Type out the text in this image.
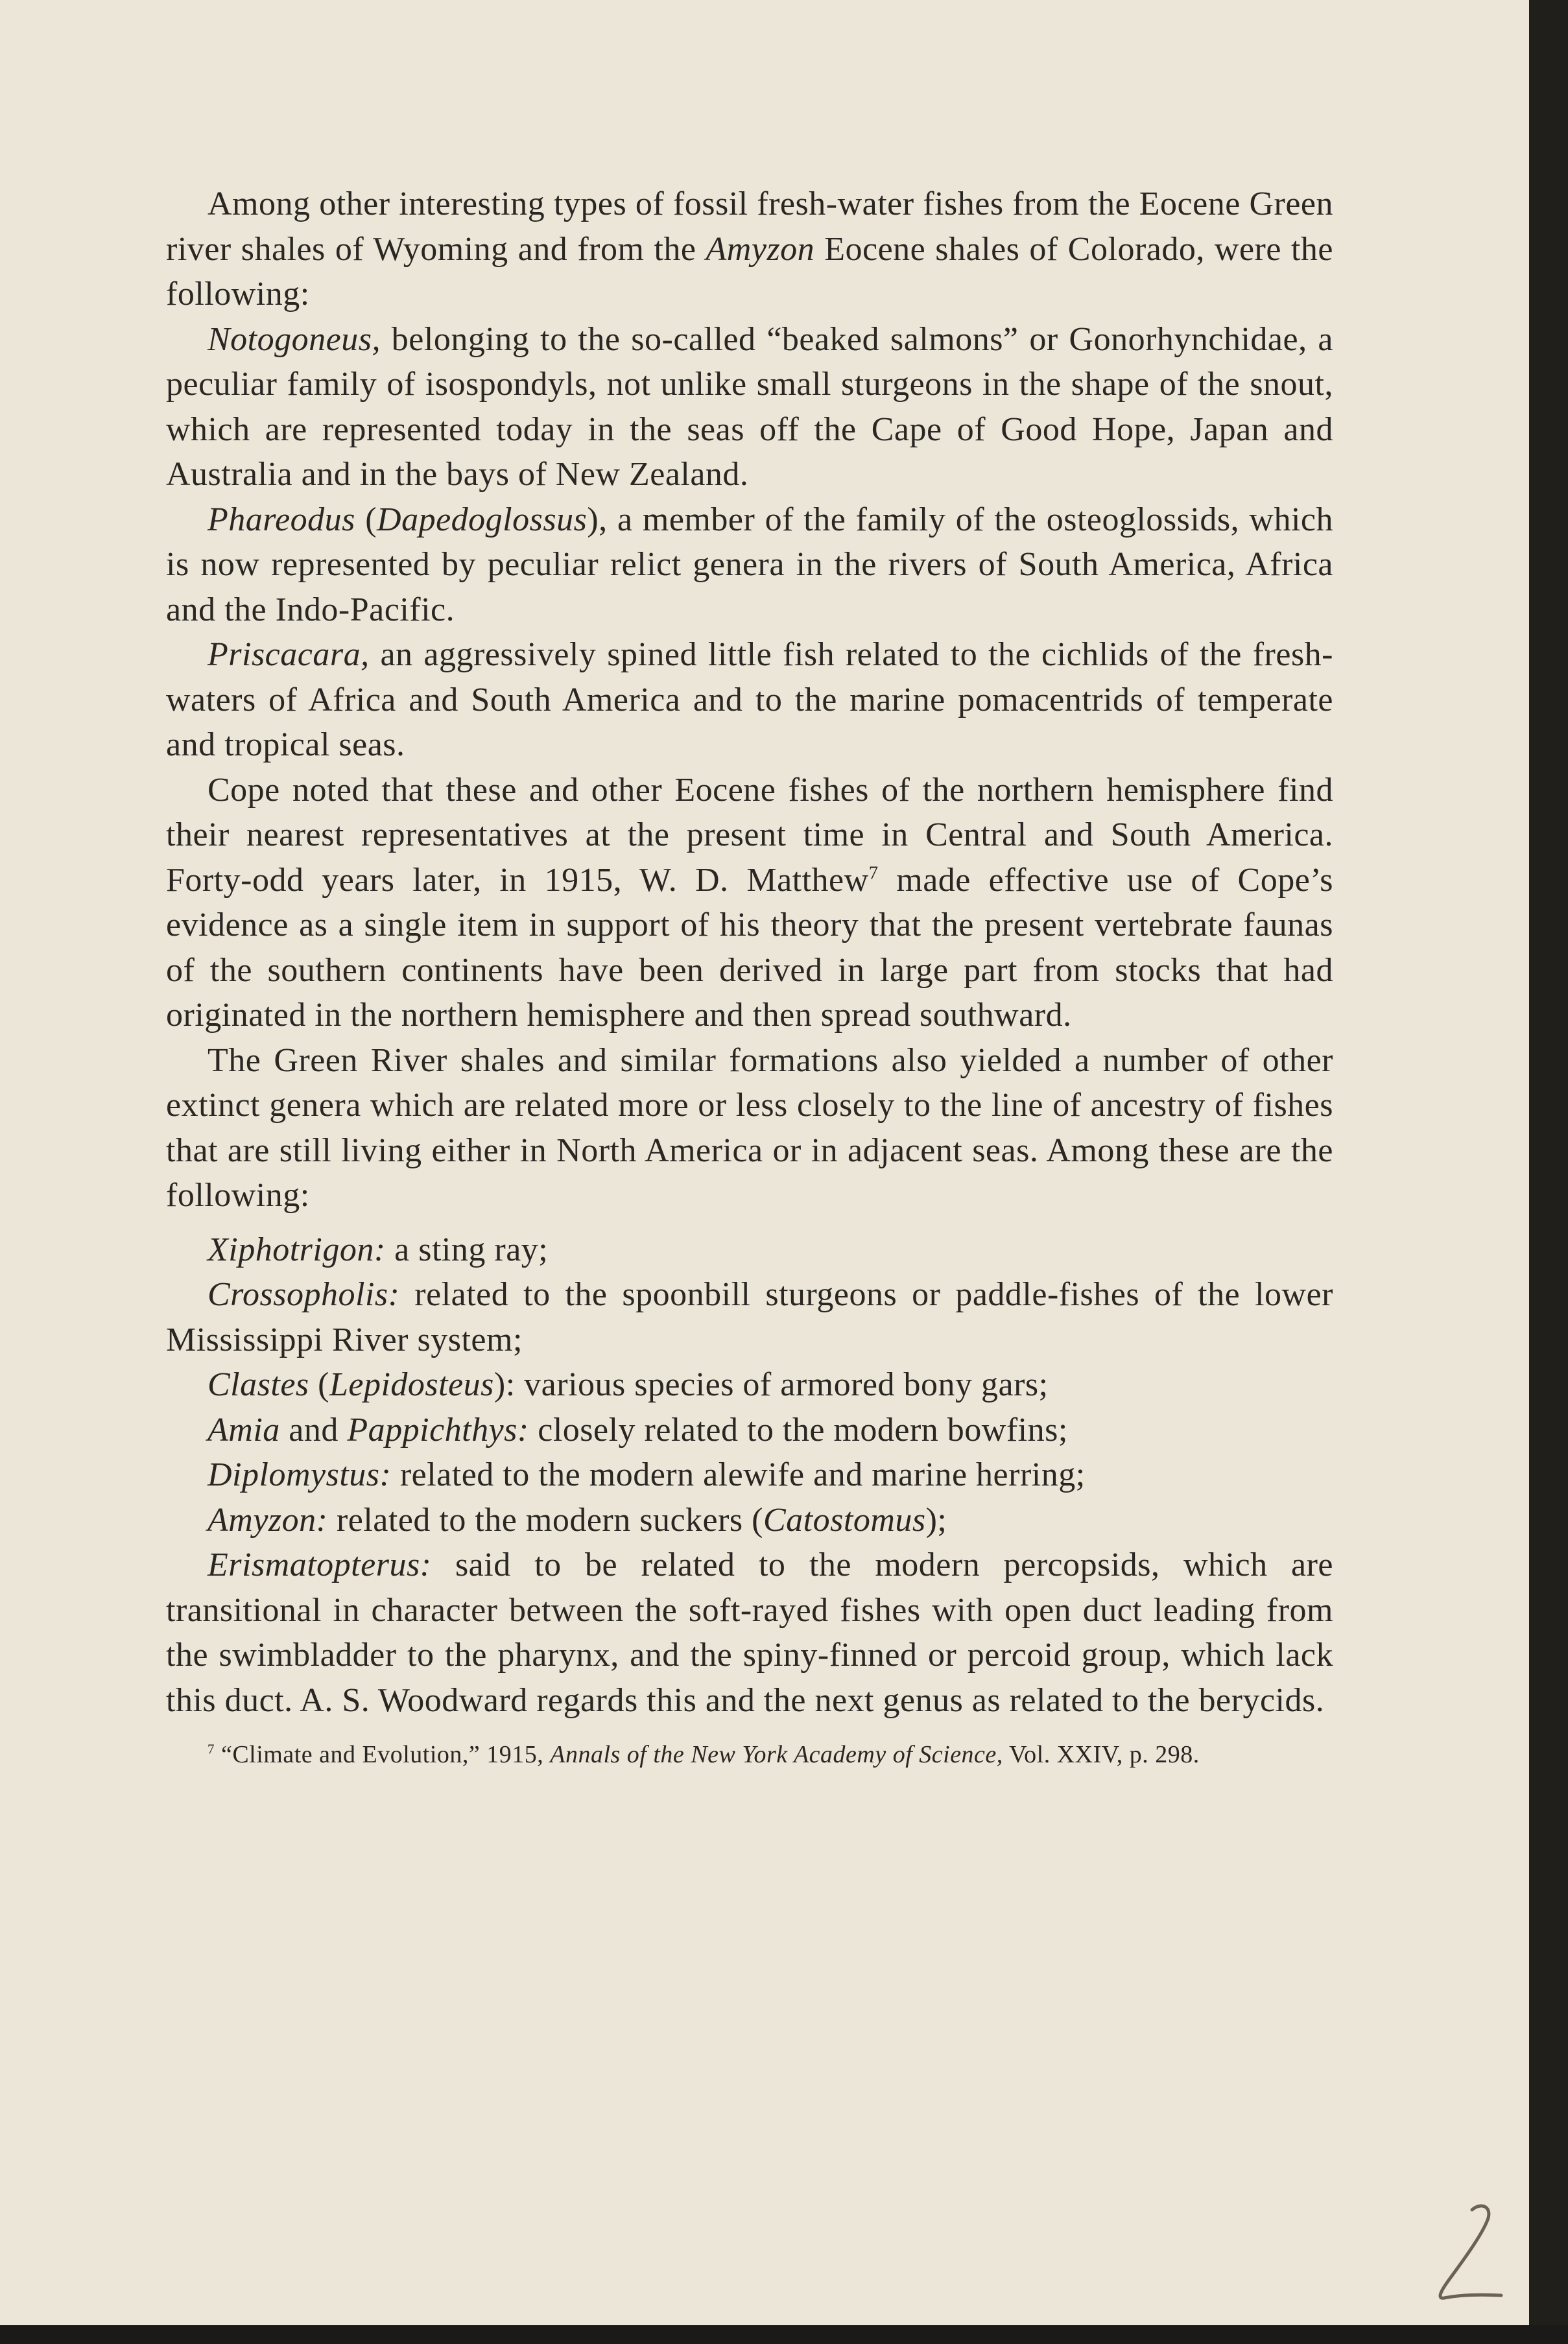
Among other interesting types of fossil fresh-water fishes from the Eocene Green river shales of Wyoming and from the Amyzon Eocene shales of Colorado, were the following:

Notogoneus, belonging to the so-called “beaked salmons” or Gonorhynchidae, a peculiar family of isospondyls, not unlike small sturgeons in the shape of the snout, which are represented today in the seas off the Cape of Good Hope, Japan and Australia and in the bays of New Zealand.

Phareodus (Dapedoglossus), a member of the family of the osteoglossids, which is now represented by peculiar relict genera in the rivers of South America, Africa and the Indo-Pacific.

Priscacara, an aggressively spined little fish related to the cichlids of the fresh-waters of Africa and South America and to the marine pomacentrids of temperate and tropical seas.

Cope noted that these and other Eocene fishes of the northern hemisphere find their nearest representatives at the present time in Central and South America. Forty-odd years later, in 1915, W. D. Matthew$^7$ made effective use of Cope’s evidence as a single item in support of his theory that the present vertebrate faunas of the southern continents have been derived in large part from stocks that had originated in the northern hemisphere and then spread southward.

The Green River shales and similar formations also yielded a number of other extinct genera which are related more or less closely to the line of ancestry of fishes that are still living either in North America or in adjacent seas. Among these are the following:

Xiphotrigon: a sting ray;

Crossopholis: related to the spoonbill sturgeons or paddle-fishes of the lower Mississippi River system;

Clastes (Lepidosteus): various species of armored bony gars;

Amia and Pappichthys: closely related to the modern bowfins;

Diplomystus: related to the modern alewife and marine herring;

Amyzon: related to the modern suckers (Catostomus);

Erismatopterus: said to be related to the modern percopsids, which are transitional in character between the soft-rayed fishes with open duct leading from the swimbladder to the pharynx, and the spiny-finned or percoid group, which lack this duct. A. S. Woodward regards this and the next genus as related to the berycids.

$^7$ “Climate and Evolution,” 1915, Annals of the New York Academy of Science, Vol. XXIV, p. 298.
